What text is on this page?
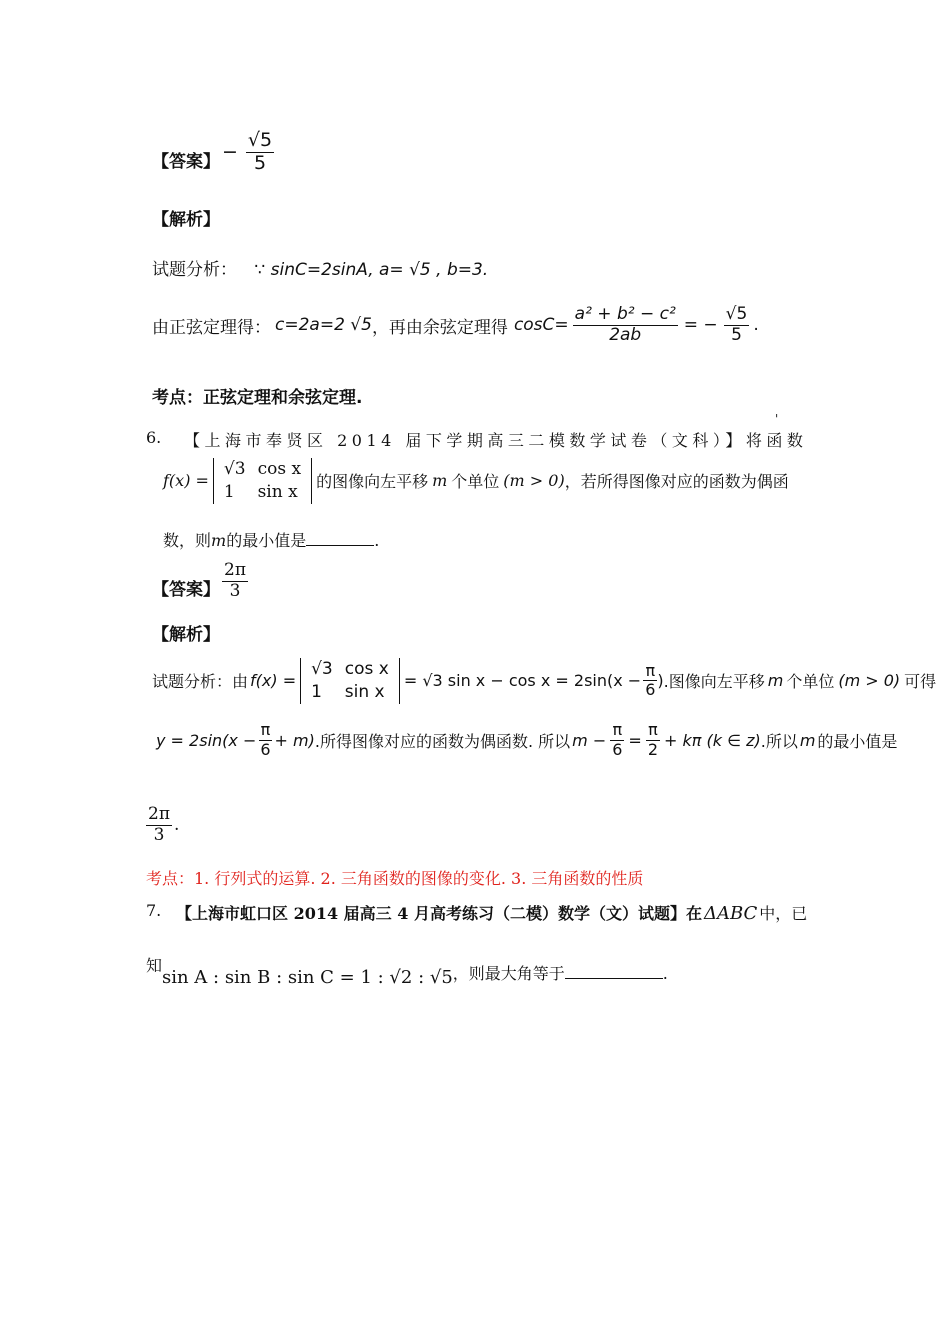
【答案】 − $\frac{√5}{5}$
【解析】
试题分析： ∵ sinC=2sinA, a= √5 , b=3.
由正弦定理得： c=2a=2 √5 ，再由余弦定理得 $\cos C= \frac{\text{a² + b² − c²}}{2ab}$ = − $\frac{√5}{5}$ .
考点：正弦定理和余弦定理.
'
6. 【上海市奉贤区 2014 届下学期高三二模数学试卷（文科）】将函数
f(x) =
√3	cos x
1	sin x 的图像向左平移 m 个单位 (m > 0) ，若所得图像对应的函数为偶函
数，则m的最小值是	.
【答案】 $\frac{2\pi}{3}$
【解析】
试题分析：由 f(x) =
√3	cos x
1	sin x
= √3 $\sin x - \cos x = 2\sin(x - \frac{\pi}{6}$ ) .图像向左平移 m 个单位 (m > 0) 可得
$y = 2\sin(x - \frac{\pi}{6} + m)$ .所得图像对应的函数为偶函数. 所以 $m - \frac{\pi}{6} = \frac{\pi}{2} + k\pi$ (k ∈ z) .所以 m 的最小值是
$\frac{2\pi}{3}$ .
考点：1. 行列式的运算. 2. 三角函数的图像的变化. 3. 三角函数的性质
7. 【上海市虹口区 2014 届高三 4 月高考练习（二模）数学（文）试题】在 ΔABC 中，已
知
sin A : sin B : sin C = 1 : √2 : √5，则最大角等于	.
